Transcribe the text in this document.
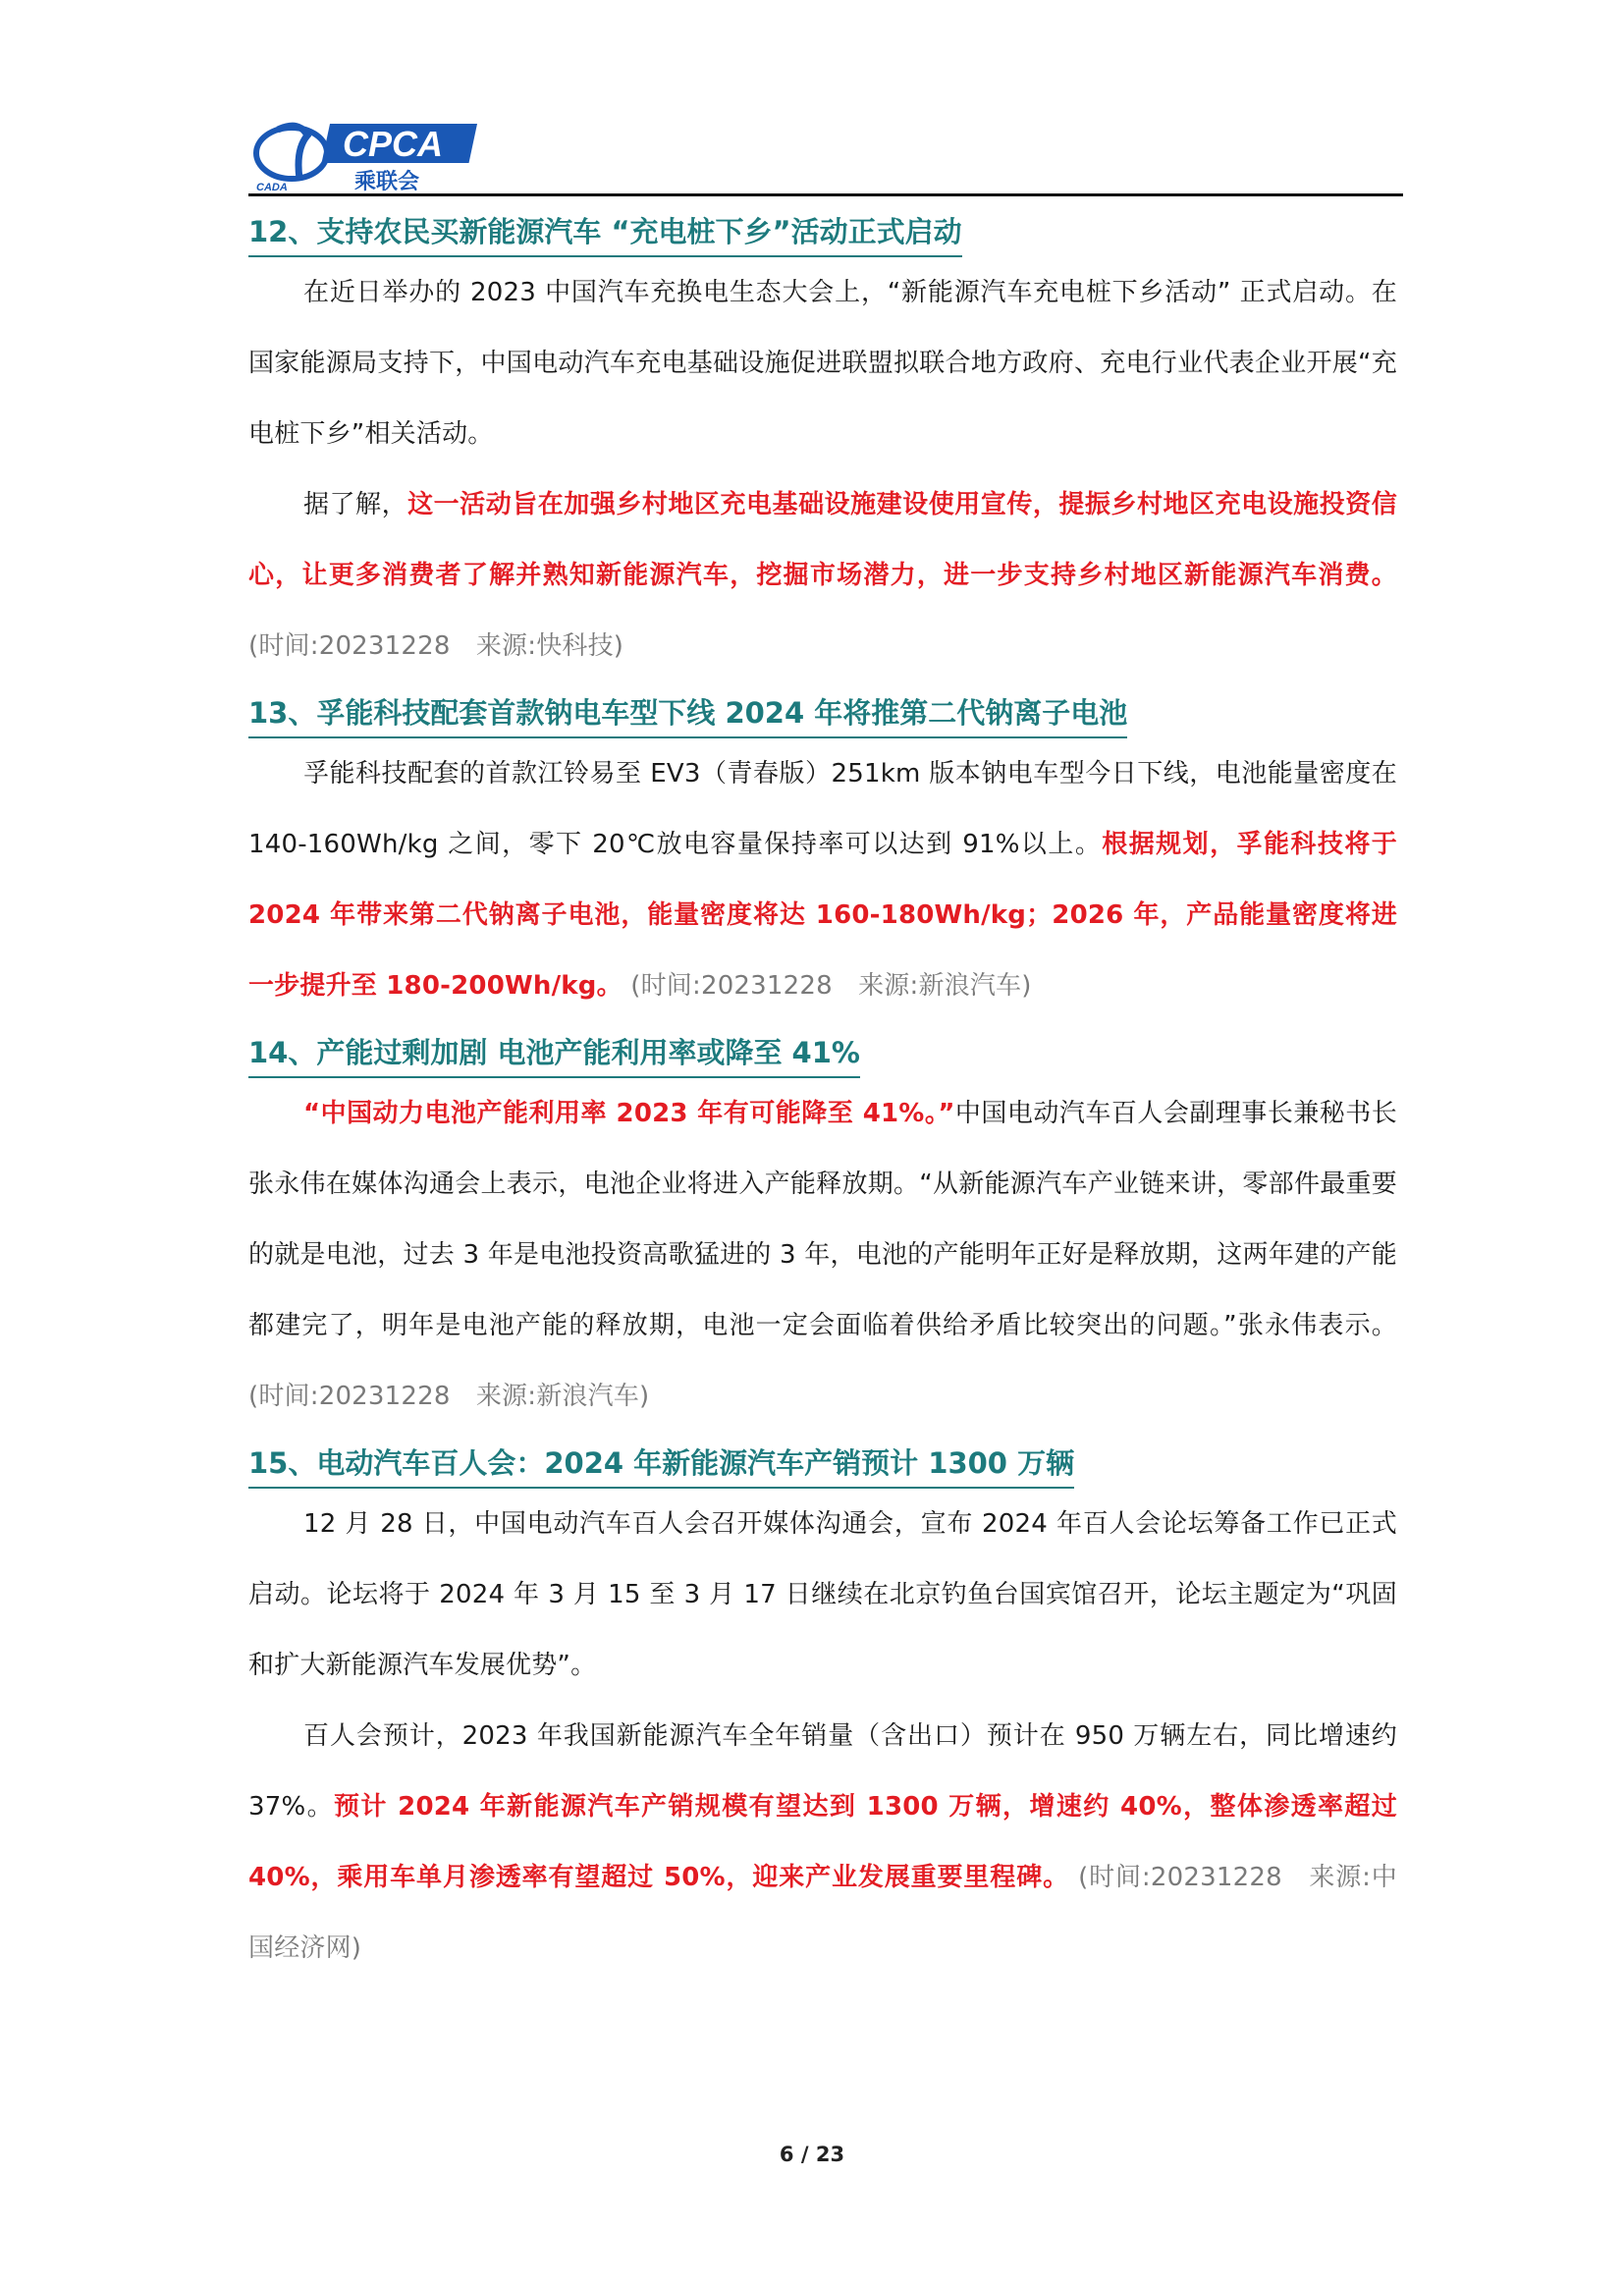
CPCA
乘联会
CADA
12、支持农民买新能源汽车 “充电桩下乡”活动正式启动

在近日举办的 2023 中国汽车充换电生态大会上，“新能源汽车充电桩下乡活动” 正式启动。在国家能源局支持下，中国电动汽车充电基础设施促进联盟拟联合地方政府、充电行业代表企业开展“充电桩下乡”相关活动。

据了解，这一活动旨在加强乡村地区充电基础设施建设使用宣传，提振乡村地区充电设施投资信心，让更多消费者了解并熟知新能源汽车，挖掘市场潜力，进一步支持乡村地区新能源汽车消费。 (时间:20231228　来源:快科技)

13、孚能科技配套首款钠电车型下线 2024 年将推第二代钠离子电池

孚能科技配套的首款江铃易至 EV3（青春版）251km 版本钠电车型今日下线，电池能量密度在 140-160Wh/kg 之间，零下 20℃放电容量保持率可以达到 91%以上。根据规划，孚能科技将于 2024 年带来第二代钠离子电池，能量密度将达 160-180Wh/kg；2026 年，产品能量密度将进一步提升至 180-200Wh/kg。 (时间:20231228　来源:新浪汽车)

14、产能过剩加剧 电池产能利用率或降至 41%

“中国动力电池产能利用率 2023 年有可能降至 41%。”中国电动汽车百人会副理事长兼秘书长张永伟在媒体沟通会上表示，电池企业将进入产能释放期。“从新能源汽车产业链来讲，零部件最重要的就是电池，过去 3 年是电池投资高歌猛进的 3 年，电池的产能明年正好是释放期，这两年建的产能都建完了，明年是电池产能的释放期，电池一定会面临着供给矛盾比较突出的问题。”张永伟表示。 (时间:20231228　来源:新浪汽车)

15、电动汽车百人会：2024 年新能源汽车产销预计 1300 万辆

12 月 28 日，中国电动汽车百人会召开媒体沟通会，宣布 2024 年百人会论坛筹备工作已正式启动。论坛将于 2024 年 3 月 15 至 3 月 17 日继续在北京钓鱼台国宾馆召开，论坛主题定为“巩固和扩大新能源汽车发展优势”。

百人会预计，2023 年我国新能源汽车全年销量（含出口）预计在 950 万辆左右，同比增速约 37%。预计 2024 年新能源汽车产销规模有望达到 1300 万辆，增速约 40%，整体渗透率超过 40%，乘用车单月渗透率有望超过 50%，迎来产业发展重要里程碑。 (时间:20231228　来源:中国经济网)

6 / 23
